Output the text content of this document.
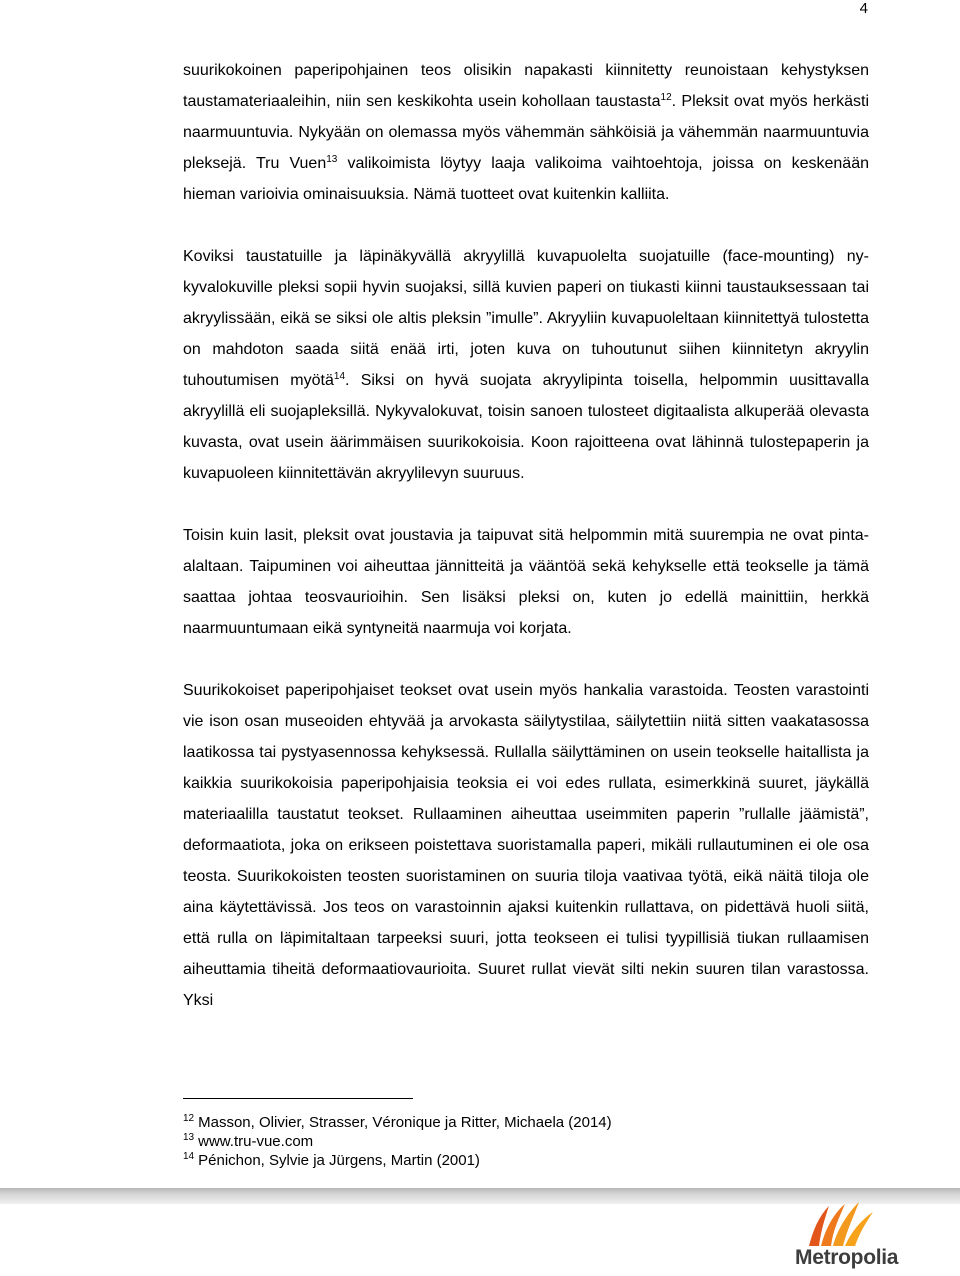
4

suurikokoinen paperipohjainen teos olisikin napakasti kiinnitetty reunoistaan kehystyksen taustamateriaaleihin, niin sen keskikohta usein kohollaan taustasta$^{12}$. Pleksit ovat myös herkästi naarmuuntuvia. Nykyään on olemassa myös vähemmän sähköisiä ja vähemmän naarmuuntuvia pleksejä. Tru Vuen$^{13}$ valikoimista löytyy laaja valikoima vaihtoehtoja, joissa on keskenään hieman varioivia ominaisuuksia. Nämä tuotteet ovat kuitenkin kalliita.

Koviksi taustatuille ja läpinäkyvällä akryylillä kuvapuolelta suojatuille (face-mounting) nykyvalokuville pleksi sopii hyvin suojaksi, sillä kuvien paperi on tiukasti kiinni taustauksessaan tai akryylissään, eikä se siksi ole altis pleksin ”imulle”. Akryyliin kuvapuoleltaan kiinnitettyä tulostetta on mahdoton saada siitä enää irti, joten kuva on tuhoutunut siihen kiinnitetyn akryylin tuhoutumisen myötä$^{14}$. Siksi on hyvä suojata akryylipinta toisella, helpommin uusittavalla akryylillä eli suojapleksillä. Nykyvalokuvat, toisin sanoen tulosteet digitaalista alkuperää olevasta kuvasta, ovat usein äärimmäisen suurikokoisia. Koon rajoitteena ovat lähinnä tulostepaperin ja kuvapuoleen kiinnitettävän akryylilevyn suuruus.

Toisin kuin lasit, pleksit ovat joustavia ja taipuvat sitä helpommin mitä suurempia ne ovat pinta-alaltaan. Taipuminen voi aiheuttaa jännitteitä ja vääntöä sekä kehykselle että teokselle ja tämä saattaa johtaa teosvaurioihin. Sen lisäksi pleksi on, kuten jo edellä mainittiin, herkkä naarmuuntumaan eikä syntyneitä naarmuja voi korjata.

Suurikokoiset paperipohjaiset teokset ovat usein myös hankalia varastoida. Teosten varastointi vie ison osan museoiden ehtyvää ja arvokasta säilytystilaa, säilytettiin niitä sitten vaakatasossa laatikossa tai pystyasennossa kehyksessä. Rullalla säilyttäminen on usein teokselle haitallista ja kaikkia suurikokoisia paperipohjaisia teoksia ei voi edes rullata, esimerkkinä suuret, jäykällä materiaalilla taustatut teokset. Rullaaminen aiheuttaa useimmiten paperin ”rullalle jäämistä”, deformaatiota, joka on erikseen poistettava suoristamalla paperi, mikäli rullautuminen ei ole osa teosta. Suurikokoisten teosten suoristaminen on suuria tiloja vaativaa työtä, eikä näitä tiloja ole aina käytettävissä. Jos teos on varastoinnin ajaksi kuitenkin rullattava, on pidettävä huoli siitä, että rulla on läpimitaltaan tarpeeksi suuri, jotta teokseen ei tulisi tyypillisiä tiukan rullaamisen aiheuttamia tiheitä deformaatiovaurioita. Suuret rullat vievät silti nekin suuren tilan varastossa. Yksi

$^{12}$ Masson, Olivier, Strasser, Véronique ja Ritter, Michaela (2014)

$^{13}$ www.tru-vue.com

$^{14}$ Pénichon, Sylvie ja Jürgens, Martin (2001)

Metropolia
